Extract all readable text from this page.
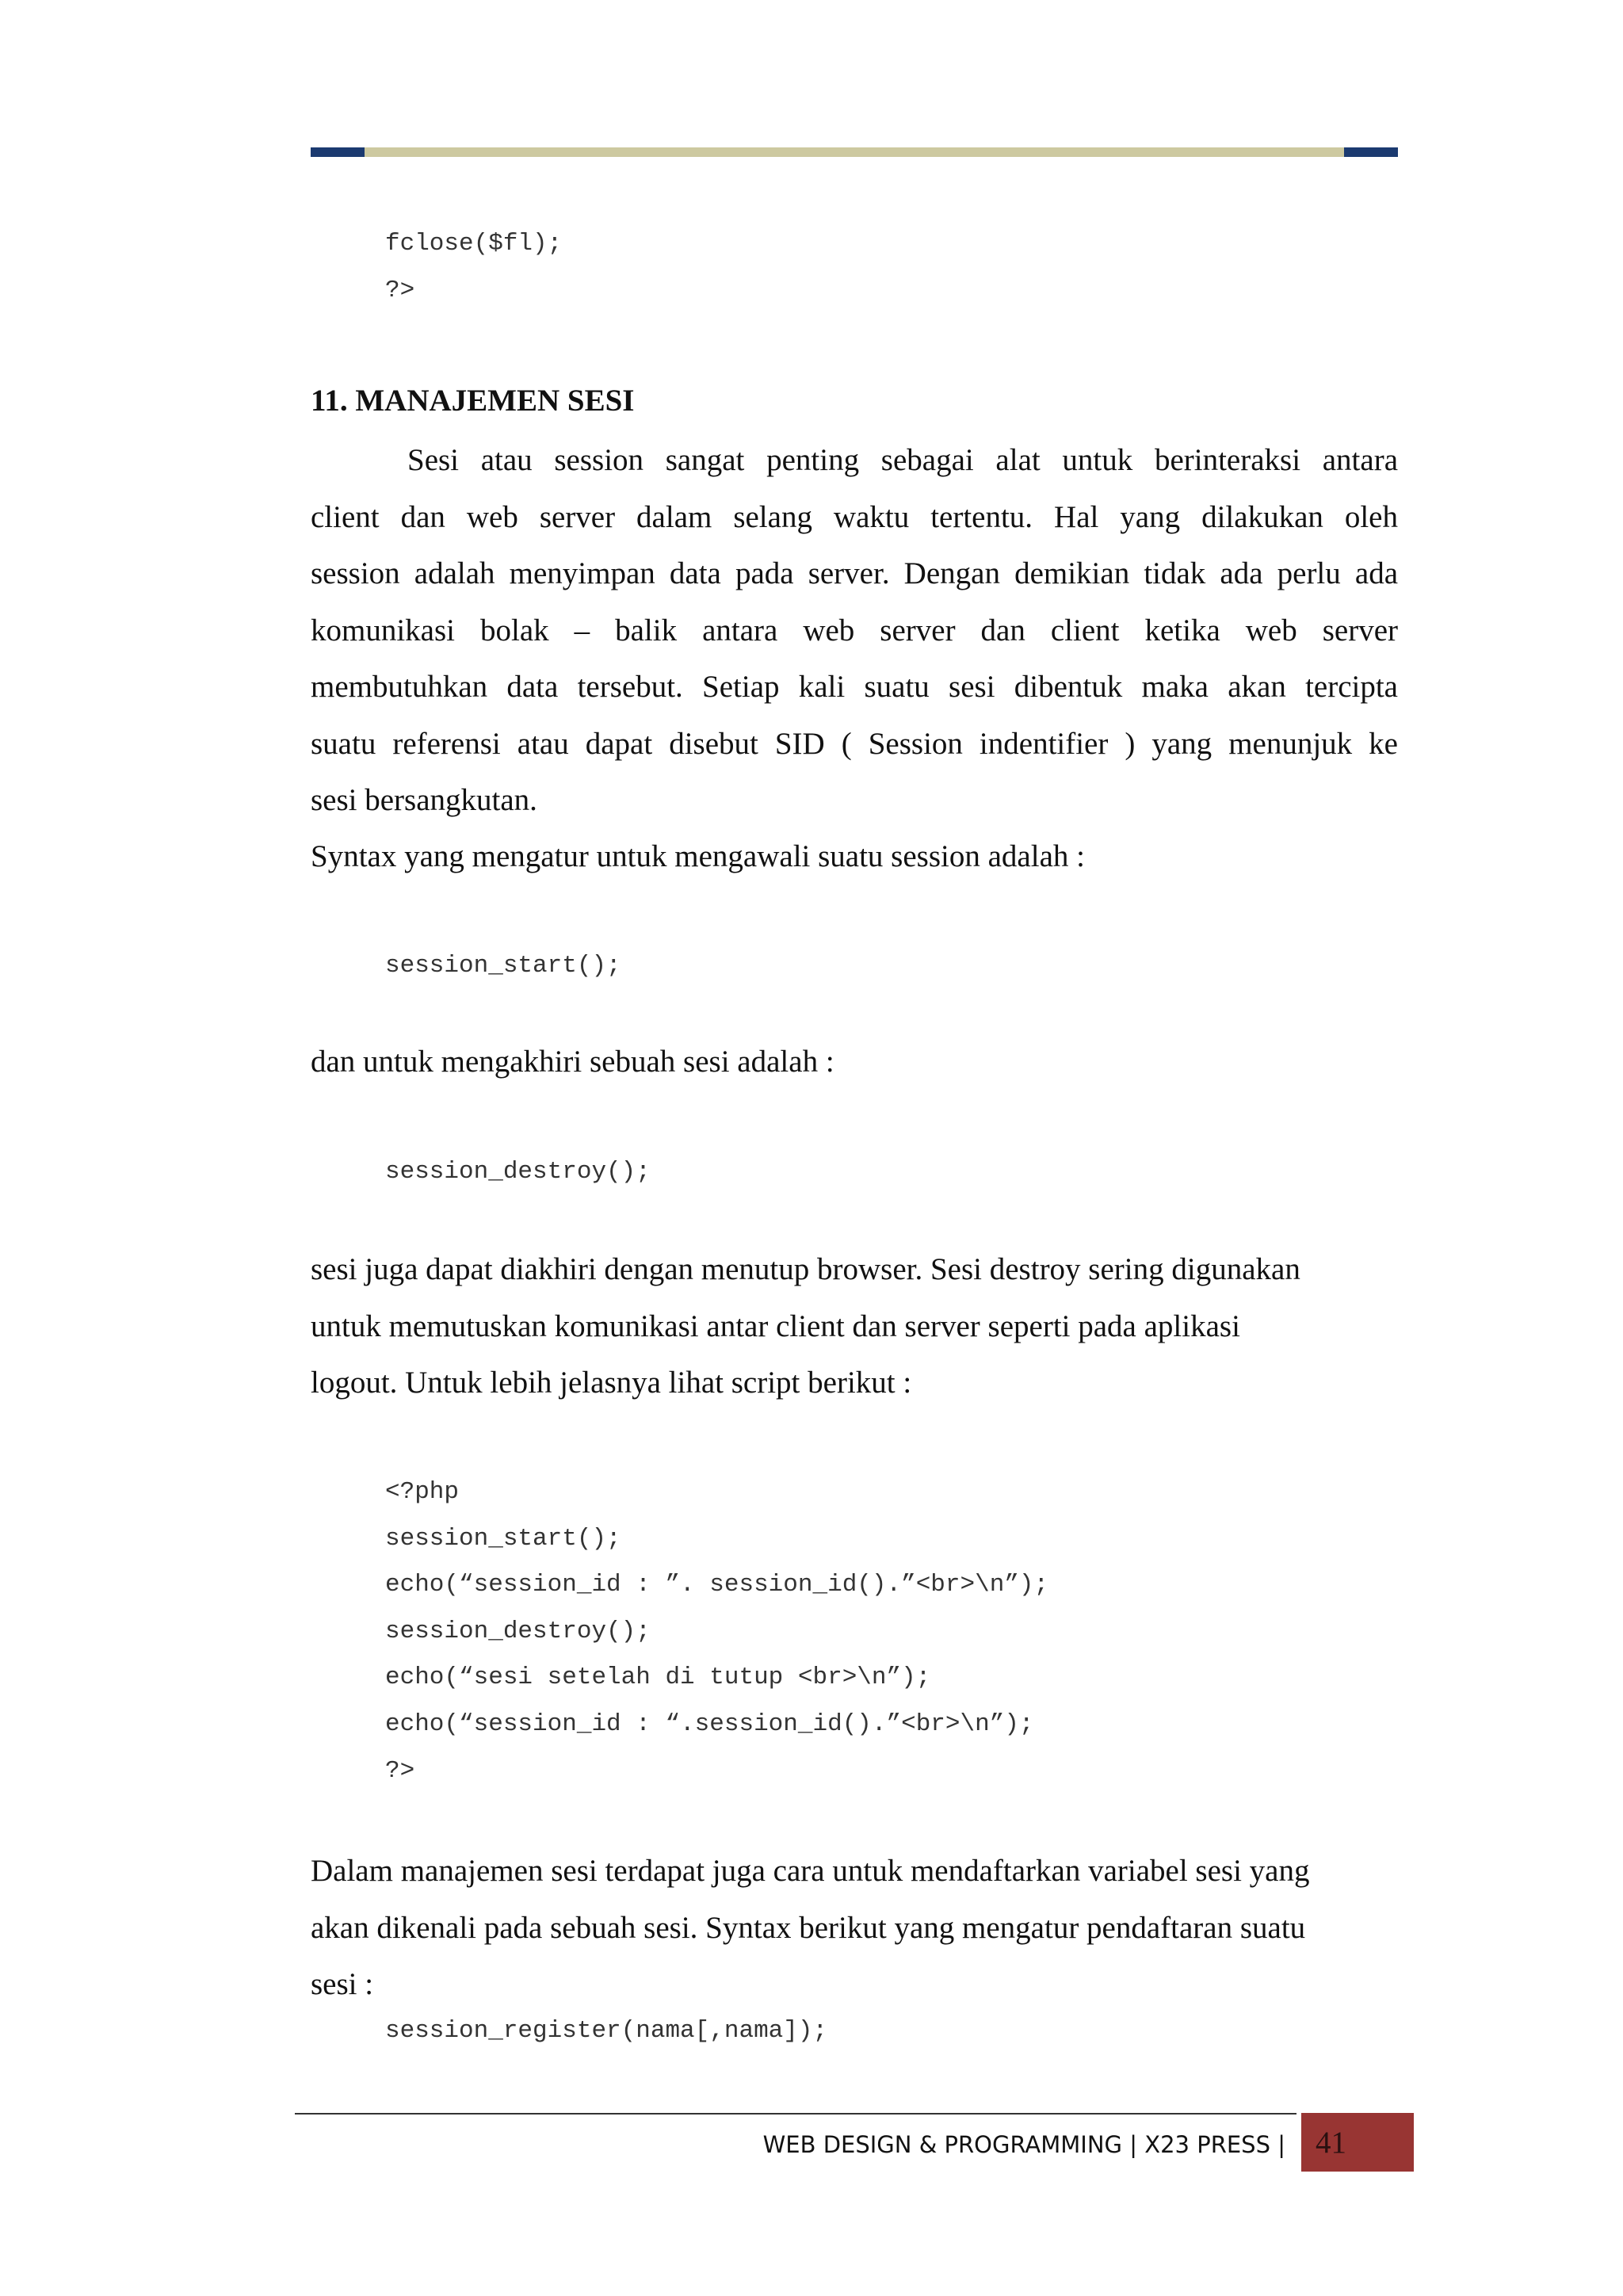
fclose($fl);
?>
11. MANAJEMEN SESI
Sesi atau session sangat penting sebagai alat untuk berinteraksi antara
client dan web server dalam selang waktu tertentu. Hal yang dilakukan oleh
session adalah menyimpan data pada server. Dengan demikian tidak ada perlu ada
komunikasi bolak – balik antara web server dan client ketika web server
membutuhkan data tersebut. Setiap kali suatu sesi dibentuk maka akan tercipta
suatu referensi atau dapat disebut SID ( Session indentifier ) yang menunjuk ke
sesi bersangkutan.
Syntax yang mengatur untuk mengawali suatu session adalah :
session_start();
dan untuk mengakhiri sebuah sesi adalah :
session_destroy();
sesi juga dapat diakhiri dengan menutup browser. Sesi destroy sering digunakan
untuk memutuskan komunikasi antar client dan server seperti pada aplikasi
logout. Untuk lebih jelasnya lihat script berikut :
<?php
session_start();
echo(“session_id : ”. session_id().”<br>\n”);
session_destroy();
echo(“sesi setelah di tutup <br>\n”);
echo(“session_id : “.session_id().”<br>\n”);
?>
Dalam manajemen sesi terdapat juga cara untuk mendaftarkan variabel sesi yang
akan dikenali pada sebuah sesi. Syntax berikut yang mengatur pendaftaran suatu
sesi :
session_register(nama[,nama]);
WEB DESIGN & PROGRAMMING | X23 PRESS | 41
